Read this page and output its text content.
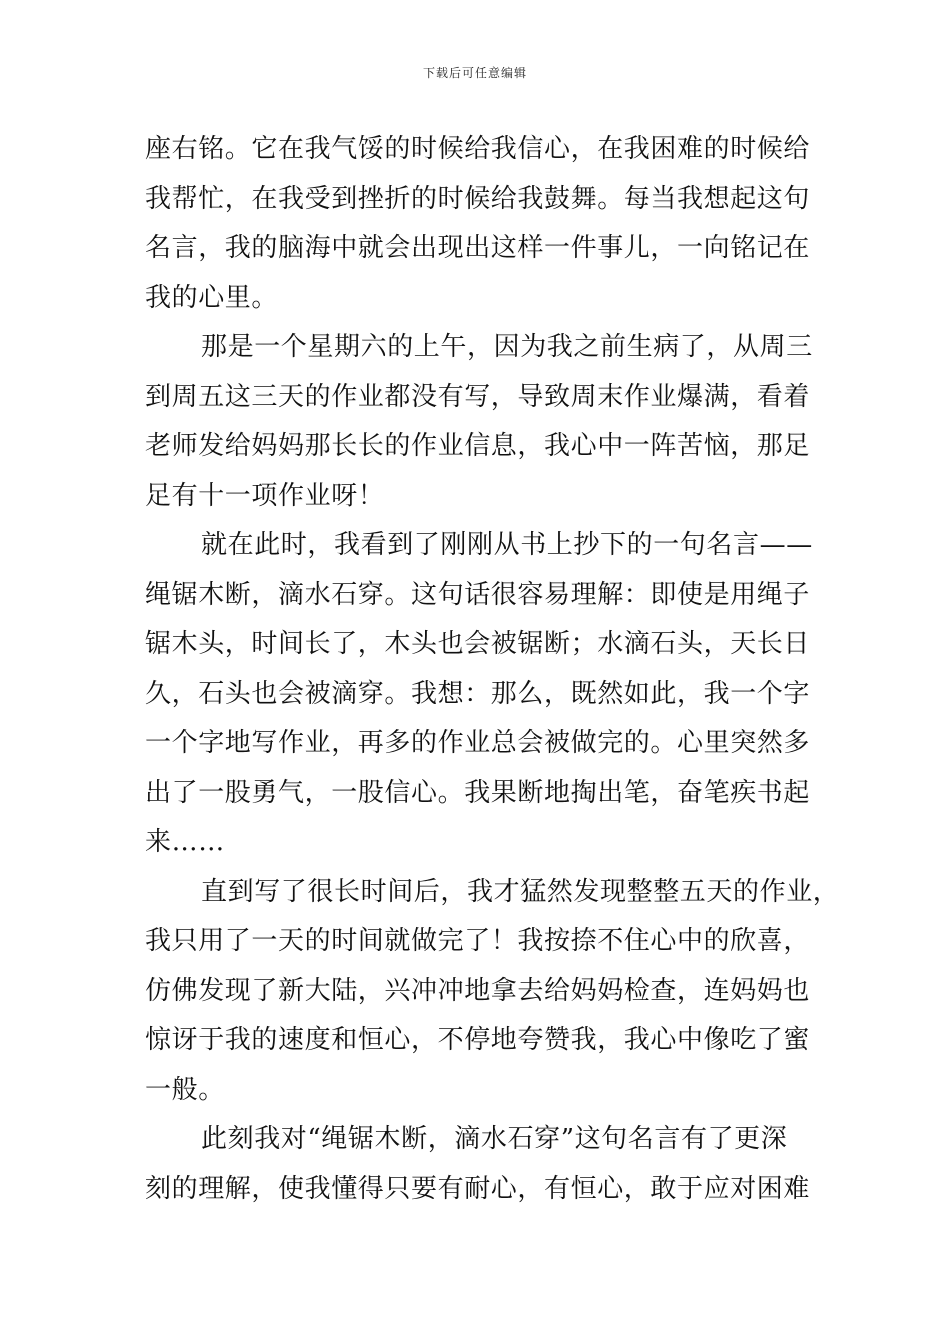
下载后可任意编辑
座右铭。它在我气馁的时候给我信心，在我困难的时候给
我帮忙，在我受到挫折的时候给我鼓舞。每当我想起这句
名言，我的脑海中就会出现出这样一件事儿，一向铭记在
我的心里。
那是一个星期六的上午，因为我之前生病了，从周三
到周五这三天的作业都没有写，导致周末作业爆满，看着
老师发给妈妈那长长的作业信息，我心中一阵苦恼，那足
足有十一项作业呀！
就在此时，我看到了刚刚从书上抄下的一句名言——
绳锯木断，滴水石穿。这句话很容易理解：即使是用绳子
锯木头，时间长了，木头也会被锯断；水滴石头，天长日
久，石头也会被滴穿。我想：那么，既然如此，我一个字
一个字地写作业，再多的作业总会被做完的。心里突然多
出了一股勇气，一股信心。我果断地掏出笔，奋笔疾书起
来……
直到写了很长时间后，我才猛然发现整整五天的作业，
我只用了一天的时间就做完了！我按捺不住心中的欣喜，
仿佛发现了新大陆，兴冲冲地拿去给妈妈检查，连妈妈也
惊讶于我的速度和恒心，不停地夸赞我，我心中像吃了蜜
一般。
此刻我对“绳锯木断，滴水石穿”这句名言有了更深
刻的理解，使我懂得只要有耐心，有恒心，敢于应对困难
